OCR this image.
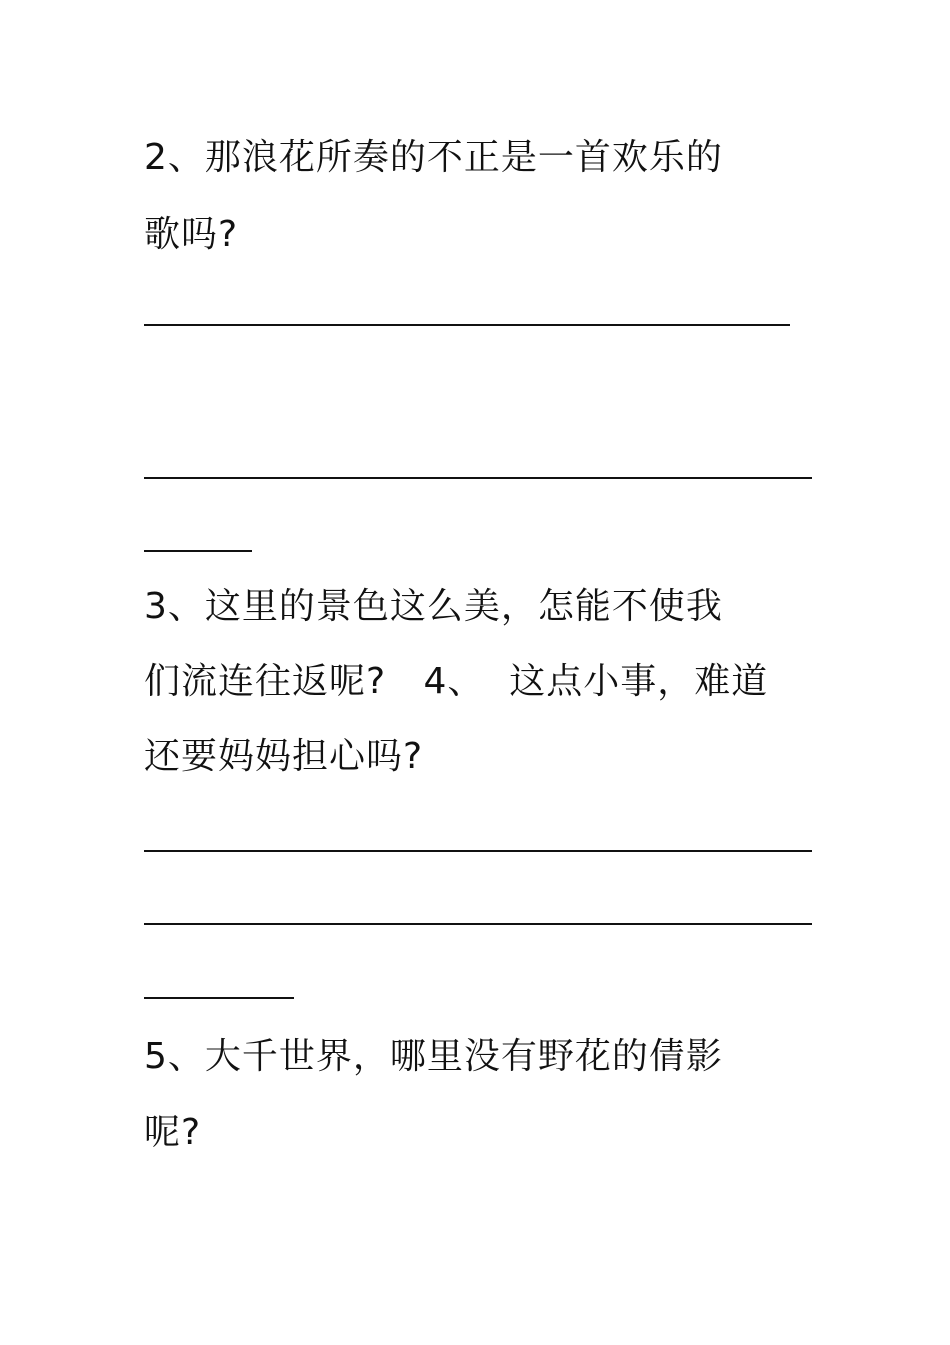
2、那浪花所奏的不正是一首欢乐的
歌吗?
3、这里的景色这么美，怎能不使我
们流连往返呢?   4、  这点小事，难道
还要妈妈担心吗?
5、大千世界，哪里没有野花的倩影
呢?
